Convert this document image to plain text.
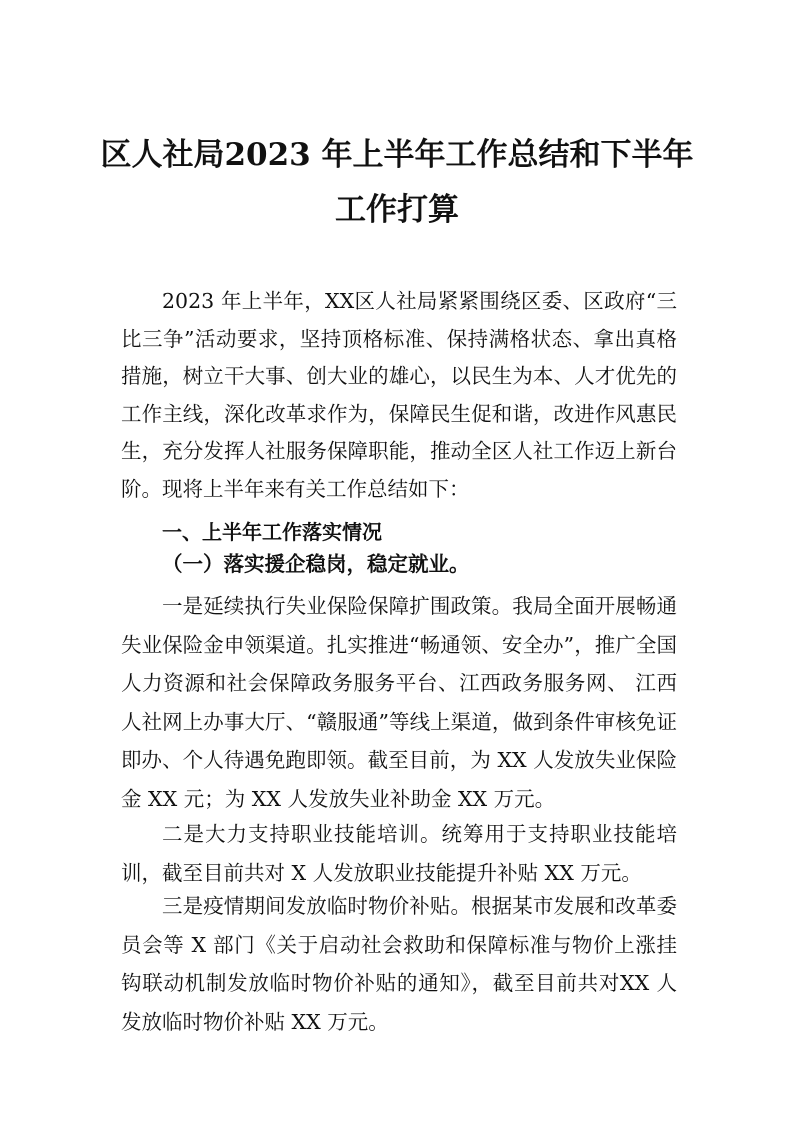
区人社局2023 年上半年工作总结和下半年
工作打算

2023 年上半年，XX区人社局紧紧围绕区委、区政府“三比三争”活动要求，坚持顶格标准、保持满格状态、拿出真格措施，树立干大事、创大业的雄心，以民生为本、人才优先的工作主线，深化改革求作为，保障民生促和谐，改进作风惠民生，充分发挥人社服务保障职能，推动全区人社工作迈上新台阶。现将上半年来有关工作总结如下：

一、上半年工作落实情况
（一）落实援企稳岗，稳定就业。

一是延续执行失业保险保障扩围政策。我局全面开展畅通失业保险金申领渠道。扎实推进“畅通领、安全办”，推广全国人力资源和社会保障政务服务平台、江西政务服务网、 江西人社网上办事大厅、“赣服通”等线上渠道，做到条件审核免证即办、个人待遇免跑即领。截至目前，为 XX 人发放失业保险金 XX 元；为 XX 人发放失业补助金 XX 万元。

二是大力支持职业技能培训。统筹用于支持职业技能培训，截至目前共对 X 人发放职业技能提升补贴 XX 万元。

三是疫情期间发放临时物价补贴。根据某市发展和改革委员会等 X 部门《关于启动社会救助和保障标准与物价上涨挂钩联动机制发放临时物价补贴的通知》，截至目前共对XX 人发放临时物价补贴 XX 万元。
